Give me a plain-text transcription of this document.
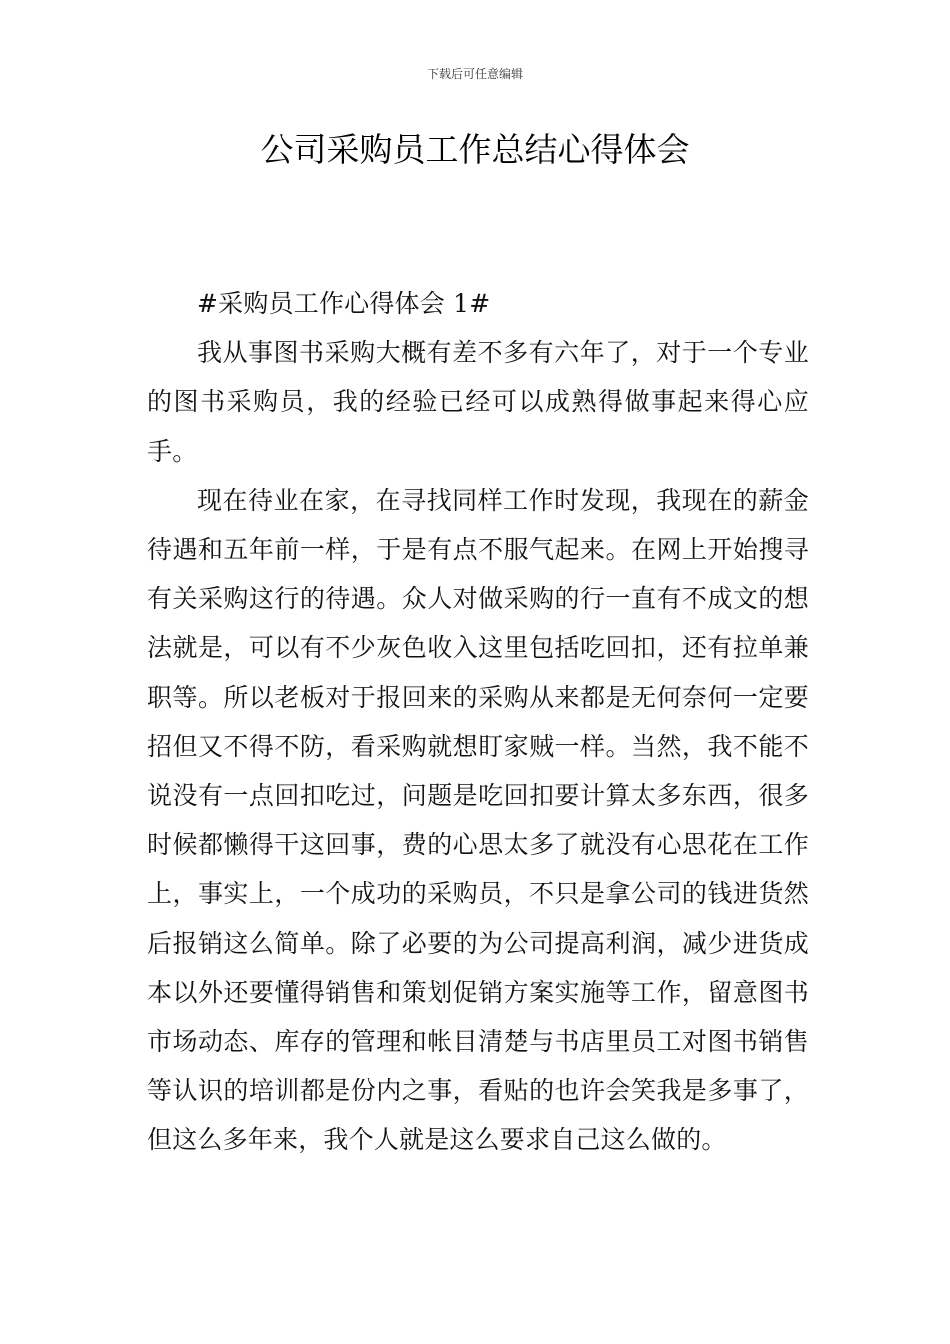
下载后可任意编辑
公司采购员工作总结心得体会

#采购员工作心得体会 1#

我从事图书采购大概有差不多有六年了，对于一个专业的图书采购员，我的经验已经可以成熟得做事起来得心应手。

现在待业在家，在寻找同样工作时发现，我现在的薪金待遇和五年前一样，于是有点不服气起来。在网上开始搜寻有关采购这行的待遇。众人对做采购的行一直有不成文的想法就是，可以有不少灰色收入这里包括吃回扣，还有拉单兼职等。所以老板对于报回来的采购从来都是无何奈何一定要招但又不得不防，看采购就想盯家贼一样。当然，我不能不说没有一点回扣吃过，问题是吃回扣要计算太多东西，很多时候都懒得干这回事，费的心思太多了就没有心思花在工作上，事实上，一个成功的采购员，不只是拿公司的钱进货然后报销这么简单。除了必要的为公司提高利润，减少进货成本以外还要懂得销售和策划促销方案实施等工作，留意图书市场动态、库存的管理和帐目清楚与书店里员工对图书销售等认识的培训都是份内之事，看贴的也许会笑我是多事了，但这么多年来，我个人就是这么要求自己这么做的。
